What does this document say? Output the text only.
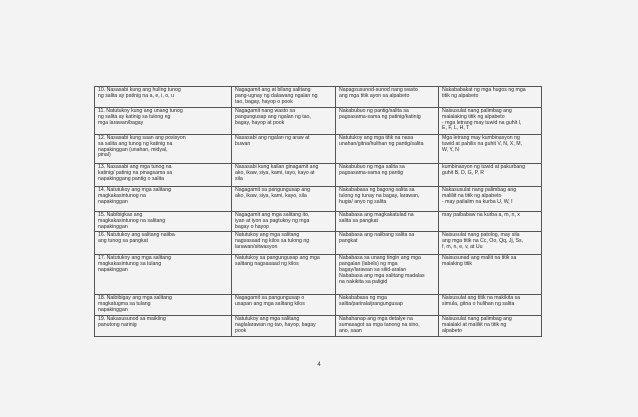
10. Nasasabi kung ang huling tunog
ng salita ay patinig na a, e, i, o, u	Nagagamit ang at bilang salitang
pang-ugnay ng dalawang ngalan ng
tao, bagay, hayop o pook	Napagsusunod-sunod nang wasto
ang mga titik ayon sa alpabeto	Nakababakat ng mga hugos ng mga
titik ng alpabeto
11. Natutukoy kung ang unang tunog
ng salita ay katinig sa tulong ng
mga larawan/bagay	Nagagamit nang wasto sa
pangungusap ang ngalan ng tao,
bagay, hayop at pook	Nakabubuo ng pantig/salita sa
pagsasama-sama ng patinig/katinig	Naisusulat nang palimbag ang
malalaking titik ng alpabeto
- mga letrang may tuwid na guhit l,
E, F, L, H, T
12. Nasasabi kung saan ang posisyon
sa salita ang tunog ng katinig na
napakinggan (unahan, midyal,
pinal)	Nasasabi ang ngalan ng araw at
buwan	Natutukoy ang mga titik na nasa
unahan/gitna/hulihan ng pantig/salita	Mga letrang may kumbinasyon ng
tuwid at pahilis na guhit V, N, X, M,
W, Y, N
13. Nasasabi ang mga tunog na
katinig/ patinig na pinagsama sa
napakinggang pantig o salita	Nasasabi kung kailan ginagamit ang
ako, ikaw, siya, kami, tayo, kayo at
sila	Nakabubuo ng mga salita sa
pagsasama-sama ng pantig	kumbinasyon ng tuwid at pakurbang
guhit B, D, G, P, R
14. Natutukoy ang mga salitang
magkakasintunog na
napakinggan	Nagagamit sa pangungusap ang
ako, ikaw, siya, kami, kayo, sila	Nakababasa ng bagong salita sa
tulong ng tunay na bagay, larawan,
hugis/ anyo ng salita	Nakasusulat nang palimbag ang
maliliit na titik ng alpabeto
- may pailalim na kurba U, W, I
15. Nabibigkas ang
magkakasintunog na salitang
napakinggan	Nagagamit ang mga salitang ito,
iyan at iyon sa pagtukoy ng mga
bagay o hayop	Nababasa ang magkakatulad na
salita sa pangkat	may paibabaw na kurba a, m, n, x
16. Natutukoy ang salitang naiiba
ang tunog sa pangkat	Natutukoy ang mga salitang
nagsasaad ng kilos sa tulong ng
larawan/sitwasyon	Nababasa ang naiibang salita sa
pangkat	Naisusulat nang patolog, may sila
ang mga titik na Cc, Oo, Qq, Jj, Ss,
f, m, n, e, v, at Uu
17. Natutukoy ang mga salitang
magkakasintunog sa tulang
napakinggan	Natutukoy sa pangungusap ang mga
salitang nagsasaad ng kilos	Nababasa sa unang tingin ang mga
pangalan (labels) ng mga
bagay/larawan sa silid-aralan
Nababasa ang mga salitang madalas
na nakikita sa paligid	Naisusunad ang maliit na titik sa
malaking titik
18. Naibibigay ang mga salitang
magkatugma sa tulang
napakinggan	Nagagamit sa pangungusap o
usapan ang mga salitang kilos	Nakababasa ng mga
salita/parirala/pangungusap	Naisusulat ang titik na makikita sa
simula, gitna o hulihan ng salita
19. Nakasusunod sa maikling
panutong narinig	Natutukoy ang mga salitang
naglalarawan ng tao, hayop, bagay
pook	Nahahanap ang mga detalye na
sumasagot sa mga tanong na sino,
ano, saan	Naisusulat nang palimbag ang
malalaki at maliliit na titik ng
alpabeto
4
